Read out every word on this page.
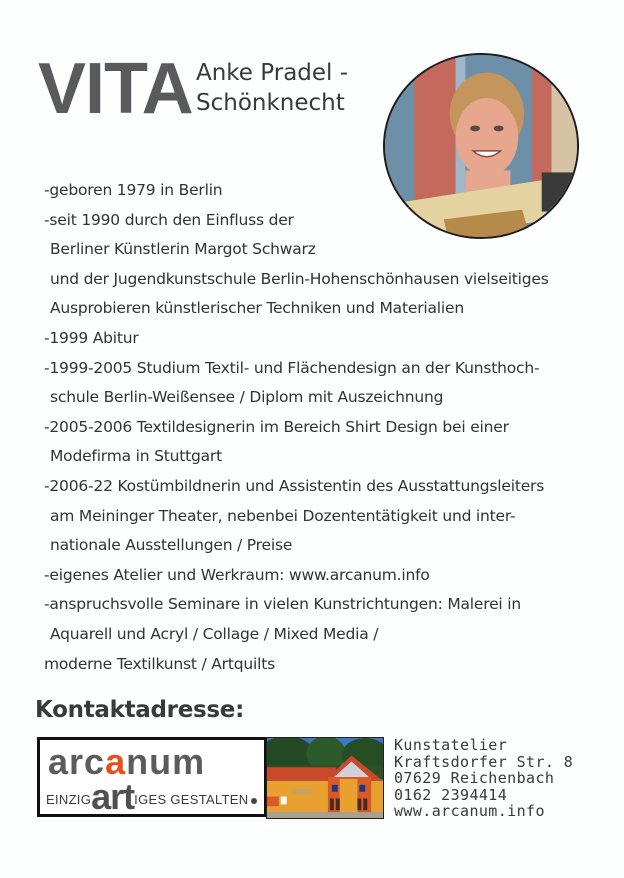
VITA Anke Pradel -
Schönknecht
-geboren 1979 in Berlin
-seit 1990 durch den Einfluss der
Berliner Künstlerin Margot Schwarz
und der Jugendkunstschule Berlin-Hohenschönhausen vielseitiges
Ausprobieren künstlerischer Techniken und Materialien
-1999 Abitur
-1999-2005 Studium Textil- und Flächendesign an der Kunsthoch-
schule Berlin-Weißensee / Diplom mit Auszeichnung
-2005-2006 Textildesignerin im Bereich Shirt Design bei einer
Modefirma in Stuttgart
-2006-22 Kostümbildnerin und Assistentin des Ausstattungsleiters
am Meininger Theater, nebenbei Dozententätigkeit und inter-
nationale Ausstellungen / Preise
-eigenes Atelier und Werkraum: www.arcanum.info
-anspruchsvolle Seminare in vielen Kunstrichtungen: Malerei in
Aquarell und Acryl / Collage / Mixed Media /
moderne Textilkunst / Artquilts
Kontaktadresse:
arcanum
EINZIG art IGES GESTALTEN
Kunstatelier
Kraftsdorfer Str. 8
07629 Reichenbach
0162 2394414
www.arcanum.info
